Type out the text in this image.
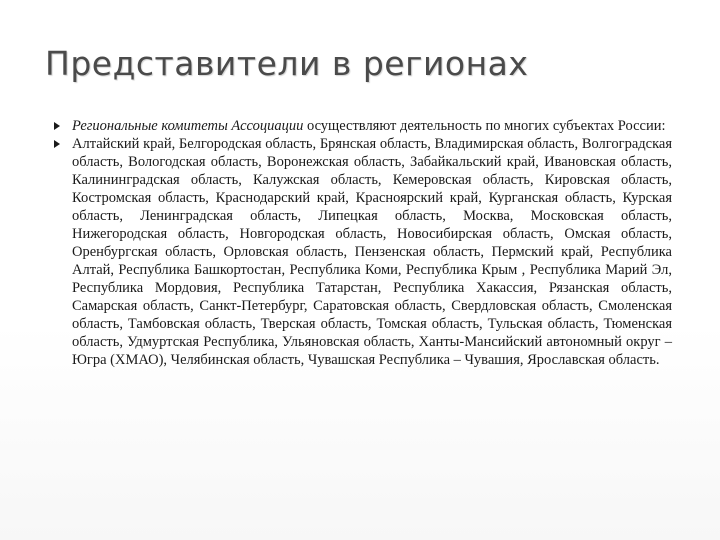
Представители в регионах
Региональные комитеты Ассоциации осуществляют деятельность по многих субъектах России:
Алтайский край, Белгородская область, Брянская область, Владимирская область, Волгоградская область, Вологодская область, Воронежская область, Забайкальский край, Ивановская область, Калининградская область, Калужская область, Кемеровская область, Кировская область, Костромская область, Краснодарский край, Красноярский край, Курганская область, Курская область, Ленинградская область, Липецкая область, Москва, Московская область, Нижегородская область, Новгородская область, Новосибирская область, Омская область, Оренбургская область, Орловская область, Пензенская область, Пермский край, Республика Алтай, Республика Башкортостан, Республика Коми, Республика Крым , Республика Марий Эл, Республика Мордовия, Республика Татарстан, Республика Хакассия, Рязанская область, Самарская область, Санкт-Петербург, Саратовская область, Свердловская область, Смоленская область, Тамбовская область, Тверская область, Томская область, Тульская область, Тюменская область, Удмуртская Республика, Ульяновская область, Ханты-Мансийский автономный округ – Югра (ХМАО), Челябинская область, Чувашская Республика – Чувашия, Ярославская область.
